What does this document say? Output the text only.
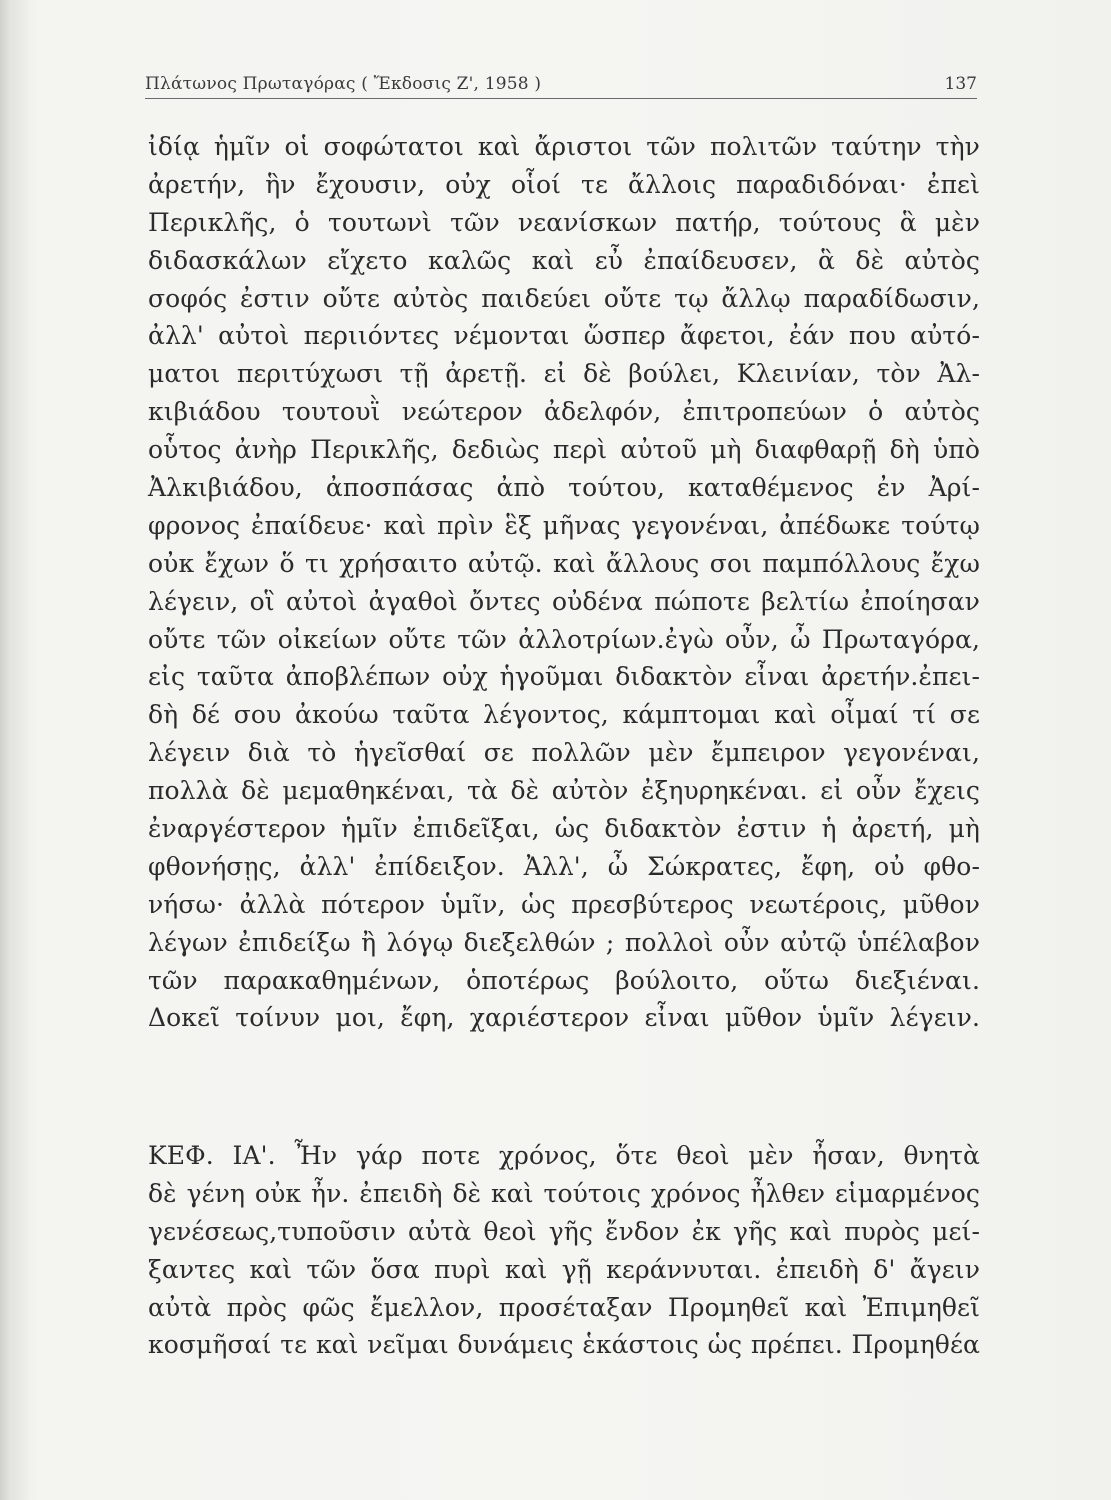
Πλάτωνος Πρωταγόρας ( Ἔκδοσις Ζ', 1958 )	137
ἰδίᾳ ἡμῖν οἱ σοφώτατοι καὶ ἄριστοι τῶν πολιτῶν ταύτην τὴν
ἀρετήν, ἣν ἔχουσιν, οὐχ οἷοί τε ἄλλοις παραδιδόναι· ἐπεὶ
Περικλῆς, ὁ τουτωνὶ τῶν νεανίσκων πατήρ, τούτους ἃ μὲν
διδασκάλων εἴχετο καλῶς καὶ εὖ ἐπαίδευσεν, ἃ δὲ αὐτὸς
σοφός ἐστιν οὔτε αὐτὸς παιδεύει οὔτε τῳ ἄλλῳ παραδίδωσιν,
ἀλλ' αὐτοὶ περιιόντες νέμονται ὥσπερ ἄφετοι, ἐάν που αὐτό-
ματοι περιτύχωσι τῇ ἀρετῇ. εἰ δὲ βούλει, Κλεινίαν, τὸν Ἀλ-
κιβιάδου τουτουῒ νεώτερον ἀδελφόν, ἐπιτροπεύων ὁ αὐτὸς
οὗτος ἀνὴρ Περικλῆς, δεδιὼς περὶ αὐτοῦ μὴ διαφθαρῇ δὴ ὑπὸ
Ἀλκιβιάδου, ἀποσπάσας ἀπὸ τούτου, καταθέμενος ἐν Ἀρί-
φρονος ἐπαίδευε· καὶ πρὶν ἓξ μῆνας γεγονέναι, ἀπέδωκε τούτῳ
οὐκ ἔχων ὅ τι χρήσαιτο αὐτῷ. καὶ ἄλλους σοι παμπόλλους ἔχω
λέγειν, οἳ αὐτοὶ ἀγαθοὶ ὄντες οὐδένα πώποτε βελτίω ἐποίησαν
οὔτε τῶν οἰκείων οὔτε τῶν ἀλλοτρίων.ἐγὼ οὖν, ὦ Πρωταγόρα,
εἰς ταῦτα ἀποβλέπων οὐχ ἡγοῦμαι διδακτὸν εἶναι ἀρετήν.ἐπει-
δὴ δέ σου ἀκούω ταῦτα λέγοντος, κάμπτομαι καὶ οἶμαί τί σε
λέγειν διὰ τὸ ἡγεῖσθαί σε πολλῶν μὲν ἔμπειρον γεγονέναι,
πολλὰ δὲ μεμαθηκέναι, τὰ δὲ αὐτὸν ἐξηυρηκέναι. εἰ οὖν ἔχεις
ἐναργέστερον ἡμῖν ἐπιδεῖξαι, ὡς διδακτὸν ἐστιν ἡ ἀρετή, μὴ
φθονήσῃς, ἀλλ' ἐπίδειξον. Ἀλλ', ὦ Σώκρατες, ἔφη, οὐ φθο-
νήσω· ἀλλὰ πότερον ὑμῖν, ὡς πρεσβύτερος νεωτέροις, μῦθον
λέγων ἐπιδείξω ἢ λόγῳ διεξελθών ; πολλοὶ οὖν αὐτῷ ὑπέλαβον
τῶν παρακαθημένων, ὁποτέρως βούλοιτο, οὕτω διεξιέναι.
Δοκεῖ τοίνυν μοι, ἔφη, χαριέστερον εἶναι μῦθον ὑμῖν λέγειν.
ΚΕΦ. ΙΑ'. Ἦν γάρ ποτε χρόνος, ὅτε θεοὶ μὲν ἦσαν, θνητὰ
δὲ γένη οὐκ ἦν. ἐπειδὴ δὲ καὶ τούτοις χρόνος ἦλθεν εἱμαρμένος
γενέσεως,τυποῦσιν αὐτὰ θεοὶ γῆς ἔνδον ἐκ γῆς καὶ πυρὸς μεί-
ξαντες καὶ τῶν ὅσα πυρὶ καὶ γῇ κεράννυται. ἐπειδὴ δ' ἄγειν
αὐτὰ πρὸς φῶς ἔμελλον, προσέταξαν Προμηθεῖ καὶ Ἐπιμηθεῖ
κοσμῆσαί τε καὶ νεῖμαι δυνάμεις ἑκάστοις ὡς πρέπει. Προμηθέα
